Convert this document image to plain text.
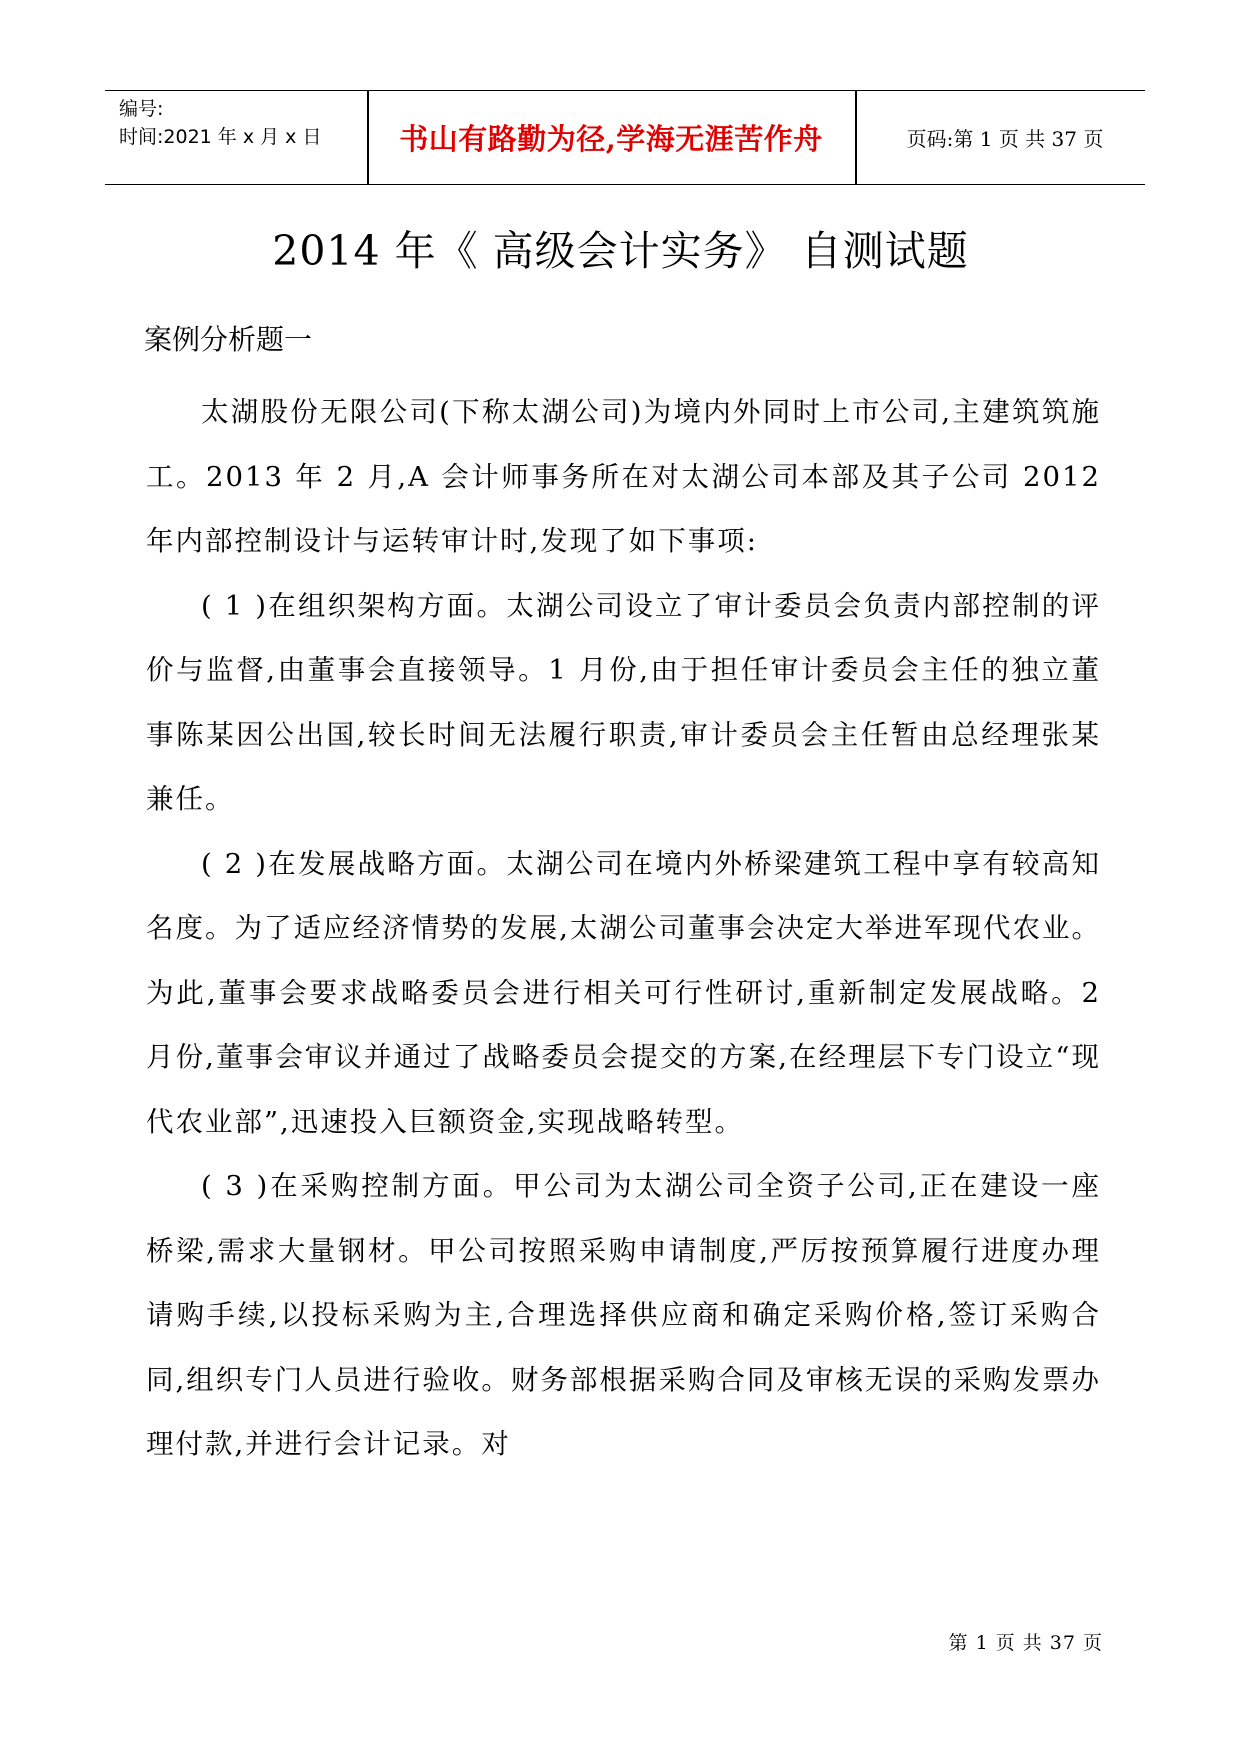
编号:
时间:2021 年 x 月 x 日	书山有路勤为径,学海无涯苦作舟	页码:第 1 页 共 37 页
2014 年《 高级会计实务》 自测试题
案例分析题一

太湖股份无限公司(下称太湖公司)为境内外同时上市公司,主建筑筑施工。2013 年 2 月,A 会计师事务所在对太湖公司本部及其子公司 2012 年内部控制设计与运转审计时,发现了如下事项:

( 1 )在组织架构方面。太湖公司设立了审计委员会负责内部控制的评价与监督,由董事会直接领导。1 月份,由于担任审计委员会主任的独立董事陈某因公出国,较长时间无法履行职责,审计委员会主任暂由总经理张某兼任。

( 2 )在发展战略方面。太湖公司在境内外桥梁建筑工程中享有较高知名度。为了适应经济情势的发展,太湖公司董事会决定大举进军现代农业。为此,董事会要求战略委员会进行相关可行性研讨,重新制定发展战略。2 月份,董事会审议并通过了战略委员会提交的方案,在经理层下专门设立“现代农业部”,迅速投入巨额资金,实现战略转型。

( 3 )在采购控制方面。甲公司为太湖公司全资子公司,正在建设一座桥梁,需求大量钢材。甲公司按照采购申请制度,严厉按预算履行进度办理请购手续,以投标采购为主,合理选择供应商和确定采购价格,签订采购合同,组织专门人员进行验收。财务部根据采购合同及审核无误的采购发票办理付款,并进行会计记录。对

第 1 页 共 37 页
